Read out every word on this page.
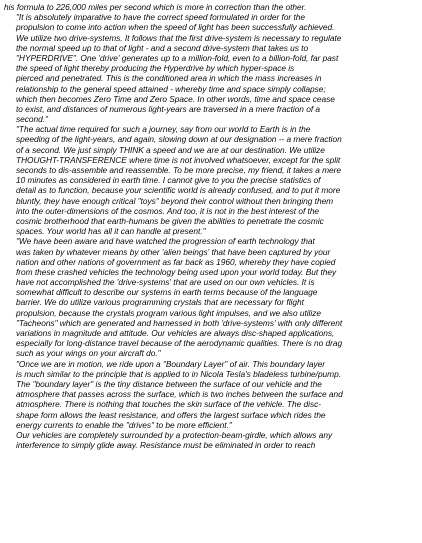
his formula to 226,000 miles per second which is more in correction than the other.

"It is absolutely imparative to have the correct speed formulated in order for the
propulsion to come into action when the speed of light has been successfully achieved.
We utilize two drive-systems. It follows that the first drive-system is necessary to regulate
the normal speed up to that of light - and a second drive-system that takes us to
"HYPERDRIVE". One 'drive' generates up to a million-fold, even to a billion-fold, far past
the speed of light thereby producing the Hyperdrive by which hyper-space is
pierced and penetrated. This is the conditioned area in which the mass increases in
relationship to the general speed attained - whereby time and space simply collapse;
which then becomes Zero Time and Zero Space. In other words, time and space cease
to exist, and distances of numerous light-years are traversed in a mere fraction of a
second."

"The actual time required for such a journey, say from our world to Earth is in the
speeding of the light-years, and again, slowing down at our designation -- a mere fraction
of a second. We just simply THINK a speed and we are at our destination. We utilize
THOUGHT-TRANSFERENCE where time is not involved whatsoever, except for the split
seconds to dis-assemble and reassemble. To be more precise, my friend, it takes a mere
10 minutes as considered in earth time. I cannot give to you the precise statistics of
detail as to function, because your scientific world is already confused, and to put it more
bluntly, they have enough critical "toys" beyond their control without then bringing them
into the outer-dimensions of the cosmos. And too, it is not in the best interest of the
cosmic brotherhood that earth-humans be given the abilities to penetrate the cosmic
spaces. Your world has all it can handle at present."

"We have been aware and have watched the progression of earth technology that
was taken by whatever means by other 'alien beings' that have been captured by your
nation and other nations of government as far back as 1960, whereby they have copied
from these crashed vehicles the technology being used upon your world today. But they
have not accomplished the 'drive-systems' that are used on our own vehicles. It is
somewhat difficult to describe our systems in earth terms because of the language
barrier. We do utilize various programming crystals that are necessary for flight
propulsion, because the crystals program various light impulses, and we also utilize
"Tacheons" which are generated and harnessed in both 'drive-systems' with only different
variations in magnitude and attitude. Our vehicles are always disc-shaped applications,
especially for long-distance travel because of the aerodynamic qualities. There is no drag
such as your wings on your aircraft do."

"Once we are in motion, we ride upon a "Boundary Layer" of air. This boundary layer
is much similar to the principle that is applied to in Nicola Tesla's bladeless turbine/pump.
The "boundary layer" is the tiny distance between the surface of our vehicle and the
atmosphere that passes across the surface, which is two inches between the surface and
atmosphere. There is nothing that touches the skin surface of the vehicle. The disc-
shape form allows the least resistance, and offers the largest surface which rides the
energy currents to enable the "drives" to be more efficient."

Our vehicles are completely surrounded by a protection-beam-girdle, which allows any
interference to simply glide away. Resistance must be eliminated in order to reach
